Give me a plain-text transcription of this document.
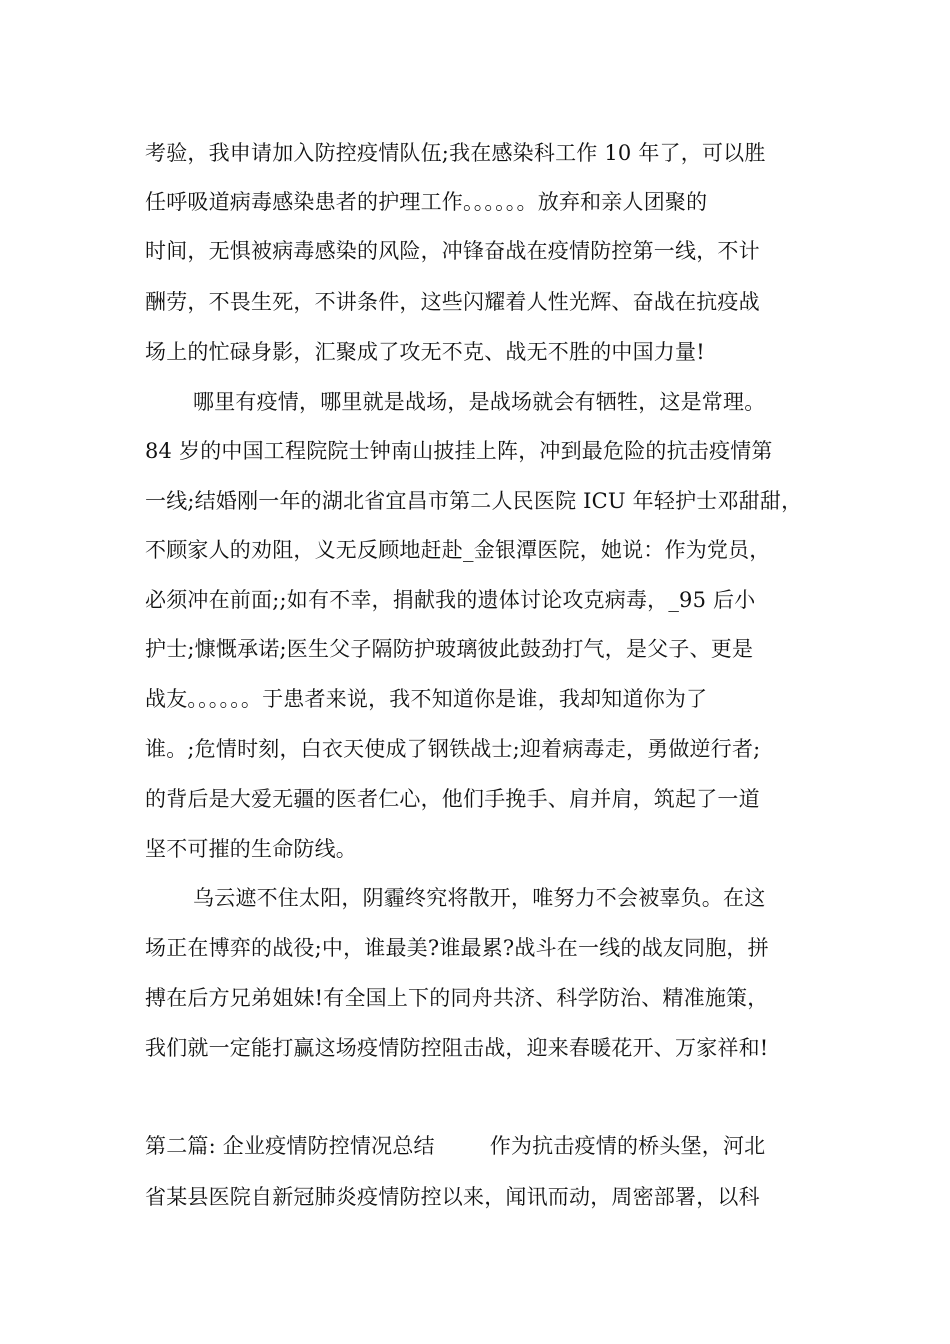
考验，我申请加入防控疫情队伍;我在感染科工作 10 年了，可以胜
任呼吸道病毒感染患者的护理工作。。。。。。放弃和亲人团聚的
时间，无惧被病毒感染的风险，冲锋奋战在疫情防控第一线，不计
酬劳，不畏生死，不讲条件，这些闪耀着人性光辉、奋战在抗疫战
场上的忙碌身影，汇聚成了攻无不克、战无不胜的中国力量!
哪里有疫情，哪里就是战场，是战场就会有牺牲，这是常理。
84 岁的中国工程院院士钟南山披挂上阵，冲到最危险的抗击疫情第
一线;结婚刚一年的湖北省宜昌市第二人民医院 ICU 年轻护士邓甜甜，
不顾家人的劝阻，义无反顾地赶赴_金银潭医院，她说：作为党员，
必须冲在前面;;如有不幸，捐献我的遗体讨论攻克病毒，_95 后小
护士;慷慨承诺;医生父子隔防护玻璃彼此鼓劲打气，是父子、更是
战友。。。。。。于患者来说，我不知道你是谁，我却知道你为了
谁。;危情时刻，白衣天使成了钢铁战士;迎着病毒走，勇做逆行者;
的背后是大爱无疆的医者仁心，他们手挽手、肩并肩，筑起了一道
坚不可摧的生命防线。
乌云遮不住太阳，阴霾终究将散开，唯努力不会被辜负。在这
场正在博弈的战役;中，谁最美?谁最累?战斗在一线的战友同胞，拼
搏在后方兄弟姐妹!有全国上下的同舟共济、科学防治、精准施策，
我们就一定能打赢这场疫情防控阻击战，迎来春暖花开、万家祥和!
第二篇: 企业疫情防控情况总结        作为抗击疫情的桥头堡，河北
省某县医院自新冠肺炎疫情防控以来，闻讯而动，周密部署，以科
